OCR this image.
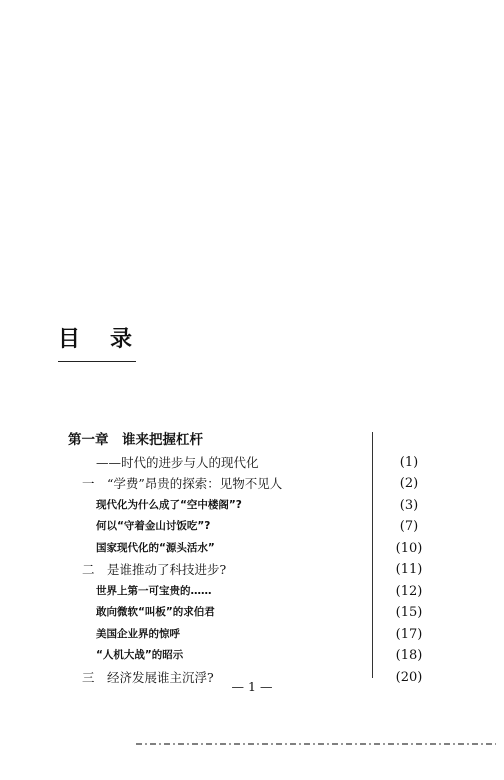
目录
第一章　谁来把握杠杆
——时代的进步与人的现代化	(1)
一　“学费”昂贵的探索：见物不见人	(2)
现代化为什么成了“空中楼阁”?	(3)
何以“守着金山讨饭吃”?	(7)
国家现代化的“源头活水”	(10)
二　是谁推动了科技进步?	(11)
世界上第一可宝贵的……	(12)
敢向微软“叫板”的求伯君	(15)
美国企业界的惊呼	(17)
“人机大战”的昭示	(18)
三　经济发展谁主沉浮?	(20)
— 1 —
